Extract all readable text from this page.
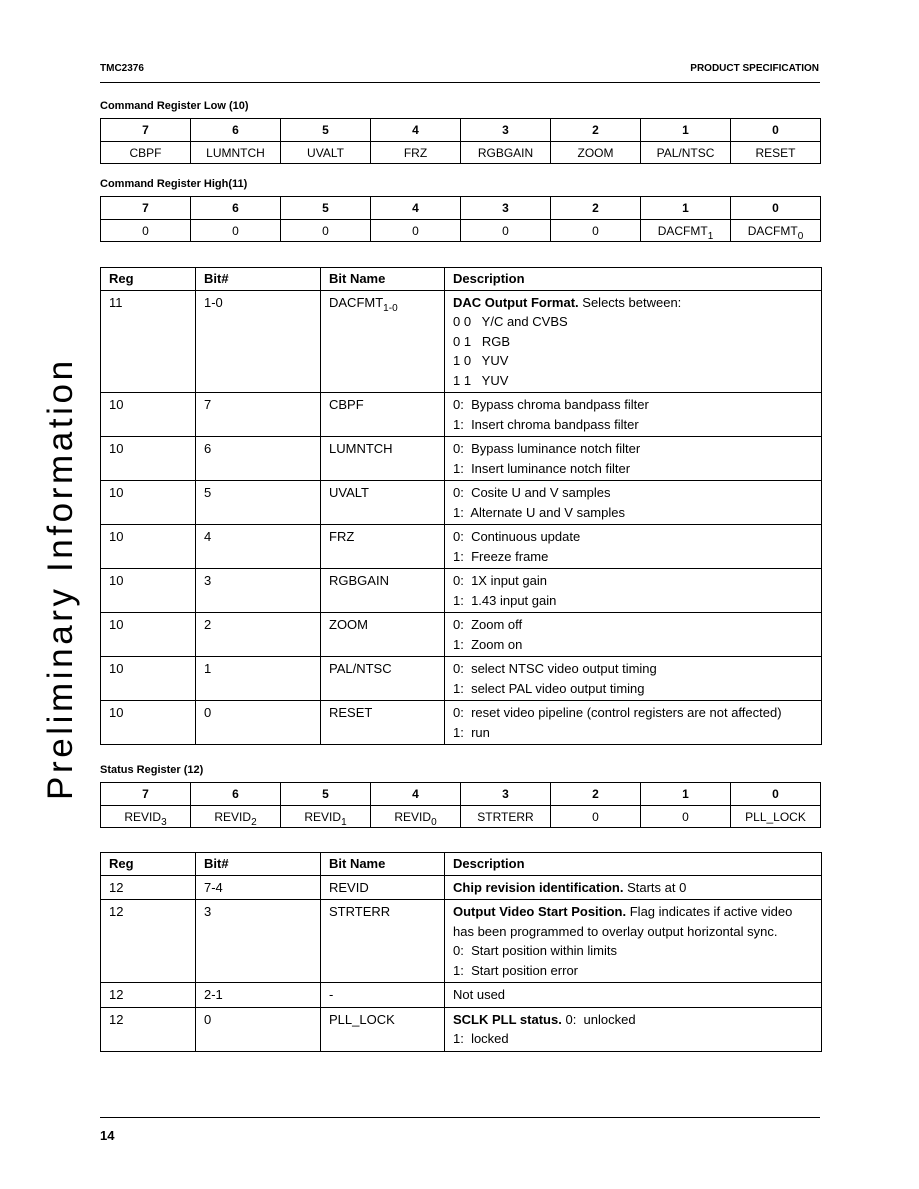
TMC2376	PRODUCT SPECIFICATION
Preliminary Information
Command Register Low (10)
7	6	5	4	3	2	1	0
CBPF	LUMNTCH	UVALT	FRZ	RGBGAIN	ZOOM	PAL/NTSC	RESET
Command Register High(11)
7	6	5	4	3	2	1	0
0	0	0	0	0	0	$DACFMT_1$	$DACFMT_0$
Reg	Bit#	Bit Name	Description
11	1-0	$DACFMT_{1-0}$	DAC Output Format. Selects between:
0 0   Y/C and CVBS
0 1   RGB
1 0   YUV
1 1   YUV

10	7	CBPF	0:  Bypass chroma bandpass filter
1:  Insert chroma bandpass filter

10	6	LUMNTCH	0:  Bypass luminance notch filter
1:  Insert luminance notch filter

10	5	UVALT	0:  Cosite U and V samples
1:  Alternate U and V samples

10	4	FRZ	0:  Continuous update
1:  Freeze frame

10	3	RGBGAIN	0:  1X input gain
1:  1.43 input gain

10	2	ZOOM	0:  Zoom off
1:  Zoom on

10	1	PAL/NTSC	0:  select NTSC video output timing
1:  select PAL video output timing

10	0	RESET	0:  reset video pipeline (control registers are not affected)
1:  run
Status Register (12)
7	6	5	4	3	2	1	0
$REVID_3$	$REVID_2$	$REVID_1$	$REVID_0$	STRTERR	0	0	PLL_LOCK
Reg	Bit#	Bit Name	Description
12	7-4	REVID	Chip revision identification. Starts at 0

12	3	STRTERR	Output Video Start Position. Flag indicates if active video has been programmed to overlay output horizontal sync.
0:  Start position within limits
1:  Start position error

12	2-1	-	Not used

12	0	PLL_LOCK	SCLK PLL status. 0:  unlocked
1:  locked
14
